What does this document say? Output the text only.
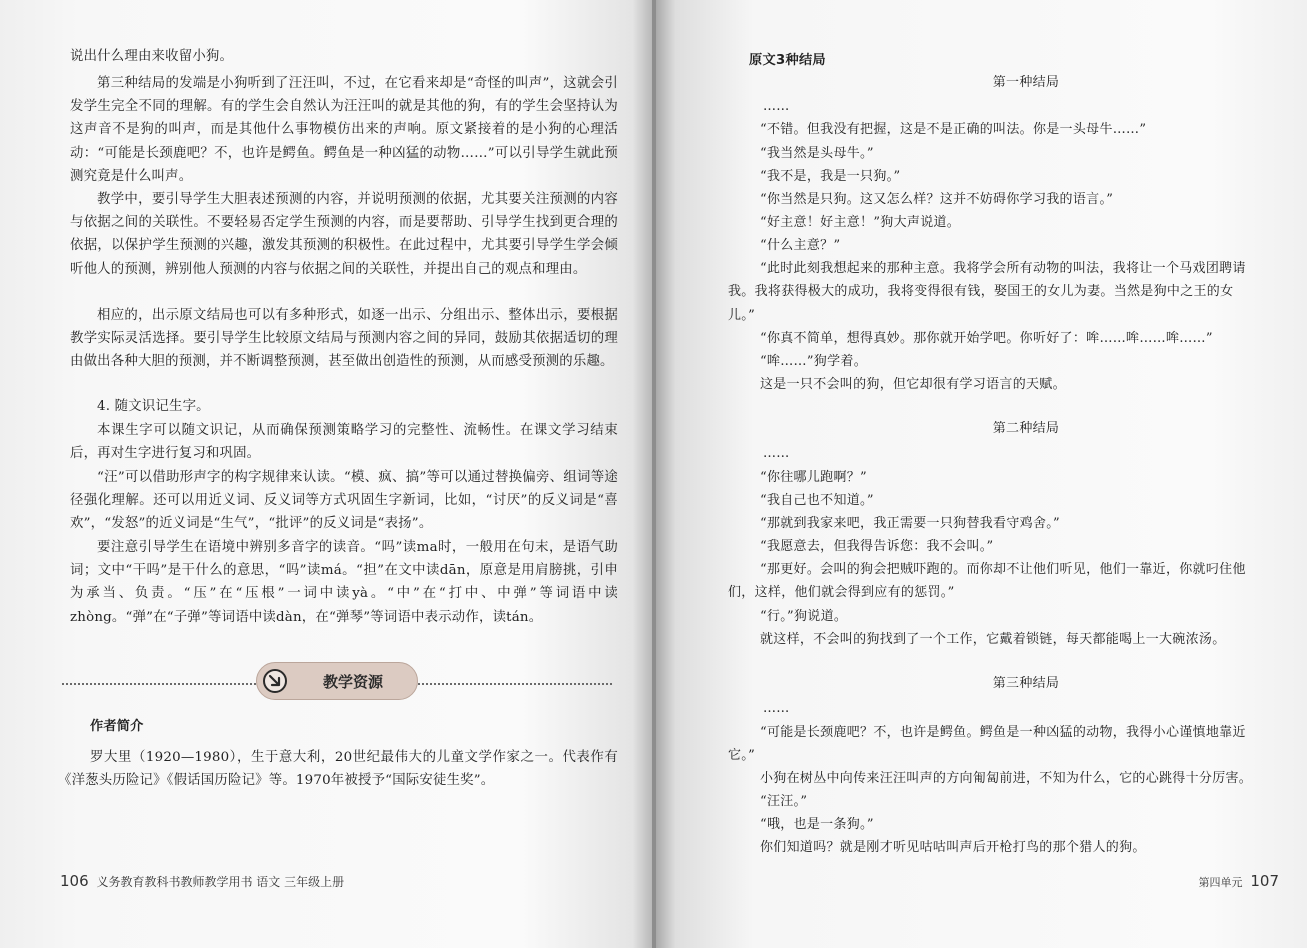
说出什么理由来收留小狗。

第三种结局的发端是小狗听到了汪汪叫，不过，在它看来却是“奇怪的叫声”，这就会引发学生完全不同的理解。有的学生会自然认为汪汪叫的就是其他的狗，有的学生会坚持认为这声音不是狗的叫声，而是其他什么事物模仿出来的声响。原文紧接着的是小狗的心理活动：“可能是长颈鹿吧？不，也许是鳄鱼。鳄鱼是一种凶猛的动物……”可以引导学生就此预测究竟是什么叫声。

教学中，要引导学生大胆表述预测的内容，并说明预测的依据，尤其要关注预测的内容与依据之间的关联性。不要轻易否定学生预测的内容，而是要帮助、引导学生找到更合理的依据，以保护学生预测的兴趣，激发其预测的积极性。在此过程中，尤其要引导学生学会倾听他人的预测，辨别他人预测的内容与依据之间的关联性，并提出自己的观点和理由。

相应的，出示原文结局也可以有多种形式，如逐一出示、分组出示、整体出示，要根据教学实际灵活选择。要引导学生比较原文结局与预测内容之间的异同，鼓励其依据适切的理由做出各种大胆的预测，并不断调整预测，甚至做出创造性的预测，从而感受预测的乐趣。

4. 随文识记生字。

本课生字可以随文识记，从而确保预测策略学习的完整性、流畅性。在课文学习结束后，再对生字进行复习和巩固。

“汪”可以借助形声字的构字规律来认读。“模、疯、搞”等可以通过替换偏旁、组词等途径强化理解。还可以用近义词、反义词等方式巩固生字新词，比如，“讨厌”的反义词是“喜欢”，“发怒”的近义词是“生气”，“批评”的反义词是“表扬”。

要注意引导学生在语境中辨别多音字的读音。“吗”读ma时，一般用在句末，是语气助词；文中“干吗”是干什么的意思，“吗”读má。“担”在文中读dān，原意是用肩膀挑，引申为承当、负责。“压”在“压根”一词中读yà。“中”在“打中、中弹”等词语中读zhòng。“弹”在“子弹”等词语中读dàn，在“弹琴”等词语中表示动作，读tán。

教学资源

作者简介

罗大里（1920—1980），生于意大利，20世纪最伟大的儿童文学作家之一。代表作有《洋葱头历险记》《假话国历险记》等。1970年被授予“国际安徒生奖”。

106 义务教育教科书教师教学用书 语文 三年级上册

原文3种结局

第一种结局

……

“不错。但我没有把握，这是不是正确的叫法。你是一头母牛……”

“我当然是头母牛。”

“我不是，我是一只狗。”

“你当然是只狗。这又怎么样？这并不妨碍你学习我的语言。”

“好主意！好主意！”狗大声说道。

“什么主意？”

“此时此刻我想起来的那种主意。我将学会所有动物的叫法，我将让一个马戏团聘请

我。我将获得极大的成功，我将变得很有钱，娶国王的女儿为妻。当然是狗中之王的女

儿。”

“你真不简单，想得真妙。那你就开始学吧。你听好了：哞……哞……哞……”

“哞……”狗学着。

这是一只不会叫的狗，但它却很有学习语言的天赋。

第二种结局

……

“你往哪儿跑啊？”

“我自己也不知道。”

“那就到我家来吧，我正需要一只狗替我看守鸡舍。”

“我愿意去，但我得告诉您：我不会叫。”

“那更好。会叫的狗会把贼吓跑的。而你却不让他们听见，他们一靠近，你就叼住他

们，这样，他们就会得到应有的惩罚。”

“行。”狗说道。

就这样，不会叫的狗找到了一个工作，它戴着锁链，每天都能喝上一大碗浓汤。

第三种结局

……

“可能是长颈鹿吧？不，也许是鳄鱼。鳄鱼是一种凶猛的动物，我得小心谨慎地靠近

它。”

小狗在树丛中向传来汪汪叫声的方向匍匐前进，不知为什么，它的心跳得十分厉害。

“汪汪。”

“哦，也是一条狗。”

你们知道吗？就是刚才听见咕咕叫声后开枪打鸟的那个猎人的狗。

第四单元 107
